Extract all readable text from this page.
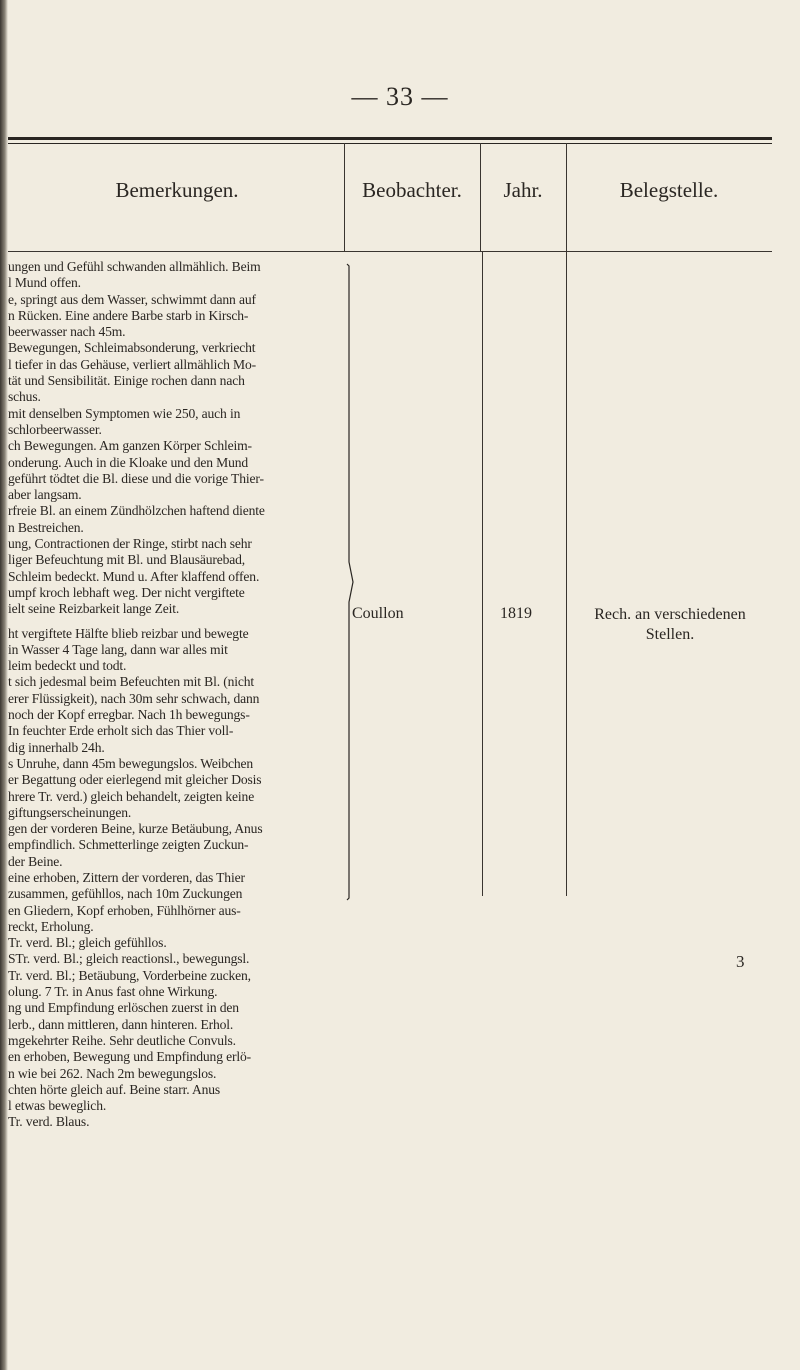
— 33 —
Bemerkungen.	Beobachter.	Jahr.	Belegstelle.
ungen und Gefühl schwanden allmählich. Beim
l Mund offen.
e, springt aus dem Wasser, schwimmt dann auf
n Rücken. Eine andere Barbe starb in Kirsch-
beerwasser nach 45m.
Bewegungen, Schleimabsonderung, verkriecht
l tiefer in das Gehäuse, verliert allmählich Mo-
tät und Sensibilität. Einige rochen dann nach
schus.
mit denselben Symptomen wie 250, auch in
schlorbeerwasser.
ch Bewegungen. Am ganzen Körper Schleim-
onderung. Auch in die Kloake und den Mund
geführt tödtet die Bl. diese und die vorige Thier-
aber langsam.
rfreie Bl. an einem Zündhölzchen haftend diente
n Bestreichen.
ung, Contractionen der Ringe, stirbt nach sehr
liger Befeuchtung mit Bl. und Blausäurebad,
Schleim bedeckt. Mund u. After klaffend offen.
umpf kroch lebhaft weg. Der nicht vergiftete
ielt seine Reizbarkeit lange Zeit.
ht vergiftete Hälfte blieb reizbar und bewegte
in Wasser 4 Tage lang, dann war alles mit
leim bedeckt und todt.
t sich jedesmal beim Befeuchten mit Bl. (nicht
erer Flüssigkeit), nach 30m sehr schwach, dann
noch der Kopf erregbar. Nach 1h bewegungs-
In feuchter Erde erholt sich das Thier voll-
dig innerhalb 24h.
s Unruhe, dann 45m bewegungslos. Weibchen
er Begattung oder eierlegend mit gleicher Dosis
hrere Tr. verd.) gleich behandelt, zeigten keine
giftungserscheinungen.
gen der vorderen Beine, kurze Betäubung, Anus
empfindlich. Schmetterlinge zeigten Zuckun-
der Beine.
eine erhoben, Zittern der vorderen, das Thier
zusammen, gefühllos, nach 10m Zuckungen
en Gliedern, Kopf erhoben, Fühlhörner aus-
reckt, Erholung.
Tr. verd. Bl.; gleich gefühllos.
STr. verd. Bl.; gleich reactionsl., bewegungsl.
Tr. verd. Bl.; Betäubung, Vorderbeine zucken,
olung. 7 Tr. in Anus fast ohne Wirkung.
ng und Empfindung erlöschen zuerst in den
lerb., dann mittleren, dann hinteren. Erhol.
mgekehrter Reihe. Sehr deutliche Convuls.
en erhoben, Bewegung und Empfindung erlö-
n wie bei 262. Nach 2m bewegungslos.
chten hörte gleich auf. Beine starr. Anus
l etwas beweglich.
Tr. verd. Blaus.
Coullon	1819	Rech. an verschiedenen
Stellen.
3
